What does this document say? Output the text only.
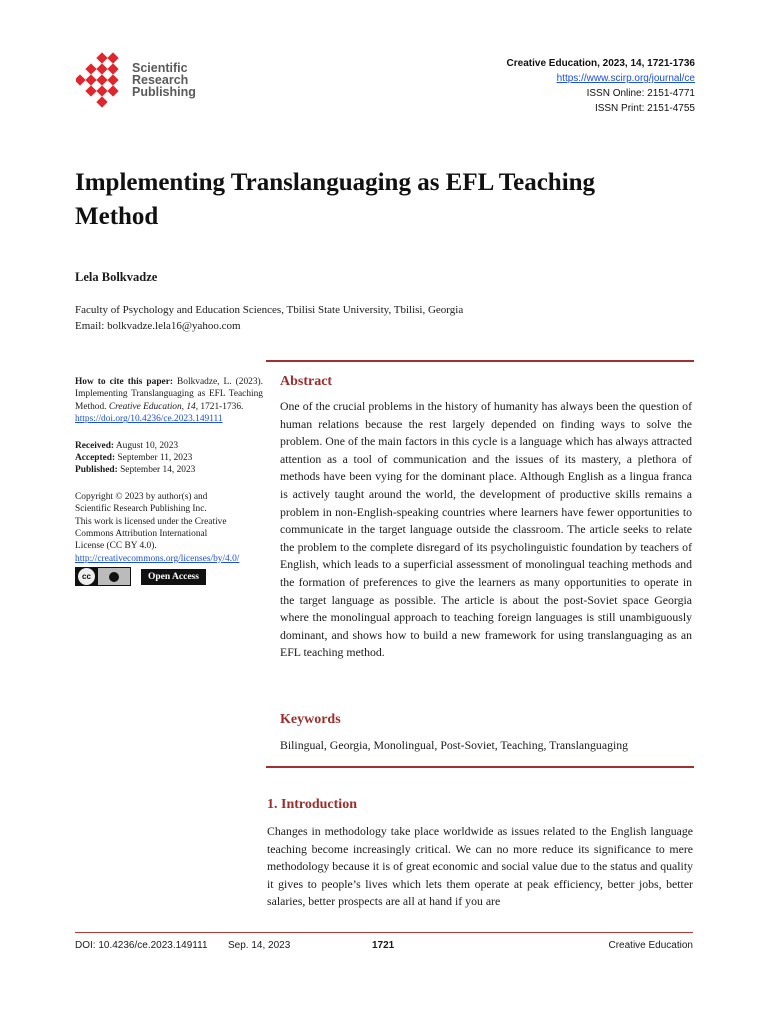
Scientific
Research
Publishing
Creative Education, 2023, 14, 1721-1736
https://www.scirp.org/journal/ce
ISSN Online: 2151-4771
ISSN Print: 2151-4755
Implementing Translanguaging as EFL Teaching Method
Lela Bolkvadze
Faculty of Psychology and Education Sciences, Tbilisi State University, Tbilisi, Georgia
Email: bolkvadze.lela16@yahoo.com
How to cite this paper: Bolkvadze, L. (2023). Implementing Translanguaging as EFL Teaching Method. Creative Education, 14, 1721-1736.
https://doi.org/10.4236/ce.2023.149111
Received: August 10, 2023
Accepted: September 11, 2023
Published: September 14, 2023
Copyright © 2023 by author(s) and
Scientific Research Publishing Inc.
This work is licensed under the Creative
Commons Attribution International
License (CC BY 4.0).
http://creativecommons.org/licenses/by/4.0/
cc	Open Access
Abstract
One of the crucial problems in the history of humanity has always been the question of human relations because the rest largely depended on finding ways to solve the problem. One of the main factors in this cycle is a language which has always attracted attention as a tool of communication and the issues of its mastery, a plethora of methods have been vying for the dominant place. Although English as a lingua franca is actively taught around the world, the development of productive skills remains a problem in non-English-speaking countries where learners have fewer opportunities to communicate in the target language outside the classroom. The article seeks to relate the problem to the complete disregard of its psycholinguistic foundation by teachers of English, which leads to a superficial assessment of monolingual teaching methods and the formation of preferences to give the learners as many opportunities to operate in the target language as possible. The article is about the post-Soviet space Georgia where the monolingual approach to teaching foreign languages is still unambiguously dominant, and shows how to build a new framework for using translanguaging as an EFL teaching method.
Keywords
Bilingual, Georgia, Monolingual, Post-Soviet, Teaching, Translanguaging
1. Introduction
Changes in methodology take place worldwide as issues related to the English language teaching become increasingly critical. We can no more reduce its significance to mere methodology because it is of great economic and social value due to the status and quality it gives to people’s lives which lets them operate at peak efficiency, better jobs, better salaries, better prospects are all at hand if you are
DOI: 10.4236/ce.2023.149111 Sep. 14, 2023	1721	Creative Education
